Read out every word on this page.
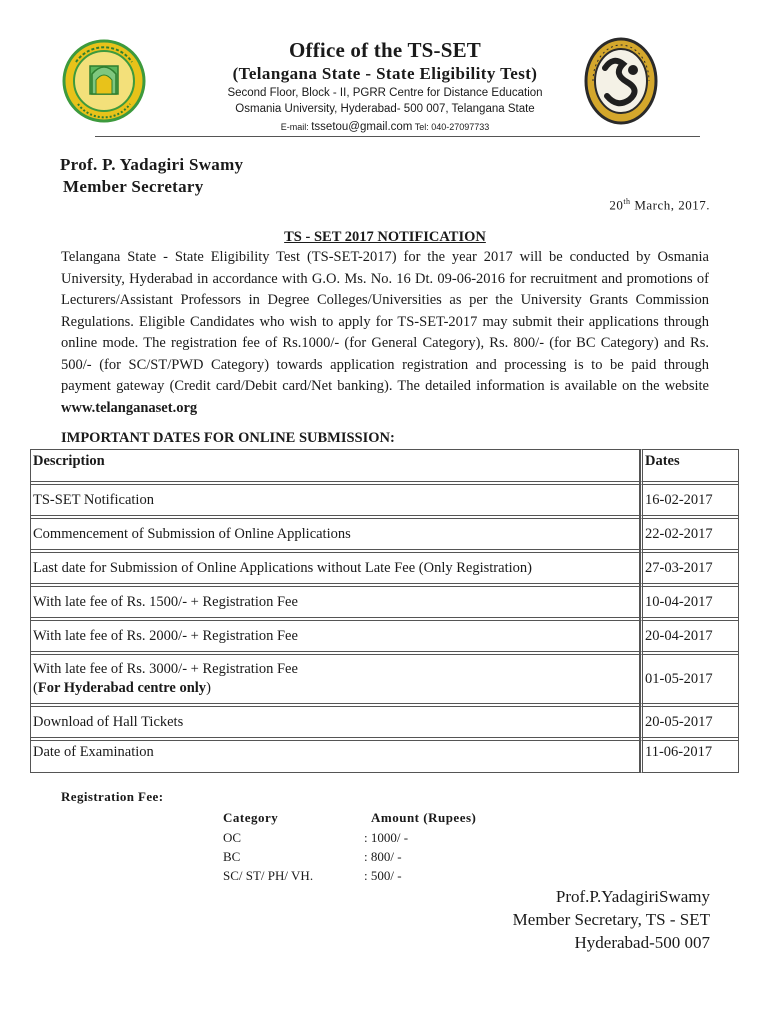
Office of the TS-SET
(Telangana State - State Eligibility Test)
Second Floor, Block - II, PGRR Centre for Distance Education
Osmania University, Hyderabad- 500 007, Telangana State
E-mail: tssetou@gmail.com Tel: 040-27097733
Prof. P. Yadagiri Swamy
Member Secretary
20th March, 2017.
TS - SET 2017 NOTIFICATION
Telangana State - State Eligibility Test (TS-SET-2017) for the year 2017 will be conducted by Osmania University, Hyderabad in accordance with G.O. Ms. No. 16 Dt. 09-06-2016 for recruitment and promotions of Lecturers/Assistant Professors in Degree Colleges/Universities as per the University Grants Commission Regulations. Eligible Candidates who wish to apply for TS-SET-2017 may submit their applications through online mode. The registration fee of Rs.1000/- (for General Category), Rs. 800/- (for BC Category) and Rs. 500/- (for SC/ST/PWD Category) towards application registration and processing is to be paid through payment gateway (Credit card/Debit card/Net banking). The detailed information is available on the website www.telanganaset.org
IMPORTANT DATES FOR ONLINE SUBMISSION:
Description	Dates

TS-SET Notification	16-02-2017

Commencement of Submission of Online Applications	22-02-2017

Last date for Submission of Online Applications without Late Fee (Only Registration)	27-03-2017

With late fee of Rs. 1500/- + Registration Fee	10-04-2017

With late fee of Rs. 2000/- + Registration Fee	20-04-2017

With late fee of Rs. 3000/- + Registration Fee
(For Hyderabad centre only)	01-05-2017

Download of Hall Tickets	20-05-2017

Date of Examination	11-06-2017
Registration Fee:
Category	Amount (Rupees)
OC	: 1000/ -
BC	: 800/ -
SC/ ST/ PH/ VH.	: 500/ -
Prof.P.YadagiriSwamy
Member Secretary, TS - SET
Hyderabad-500 007
